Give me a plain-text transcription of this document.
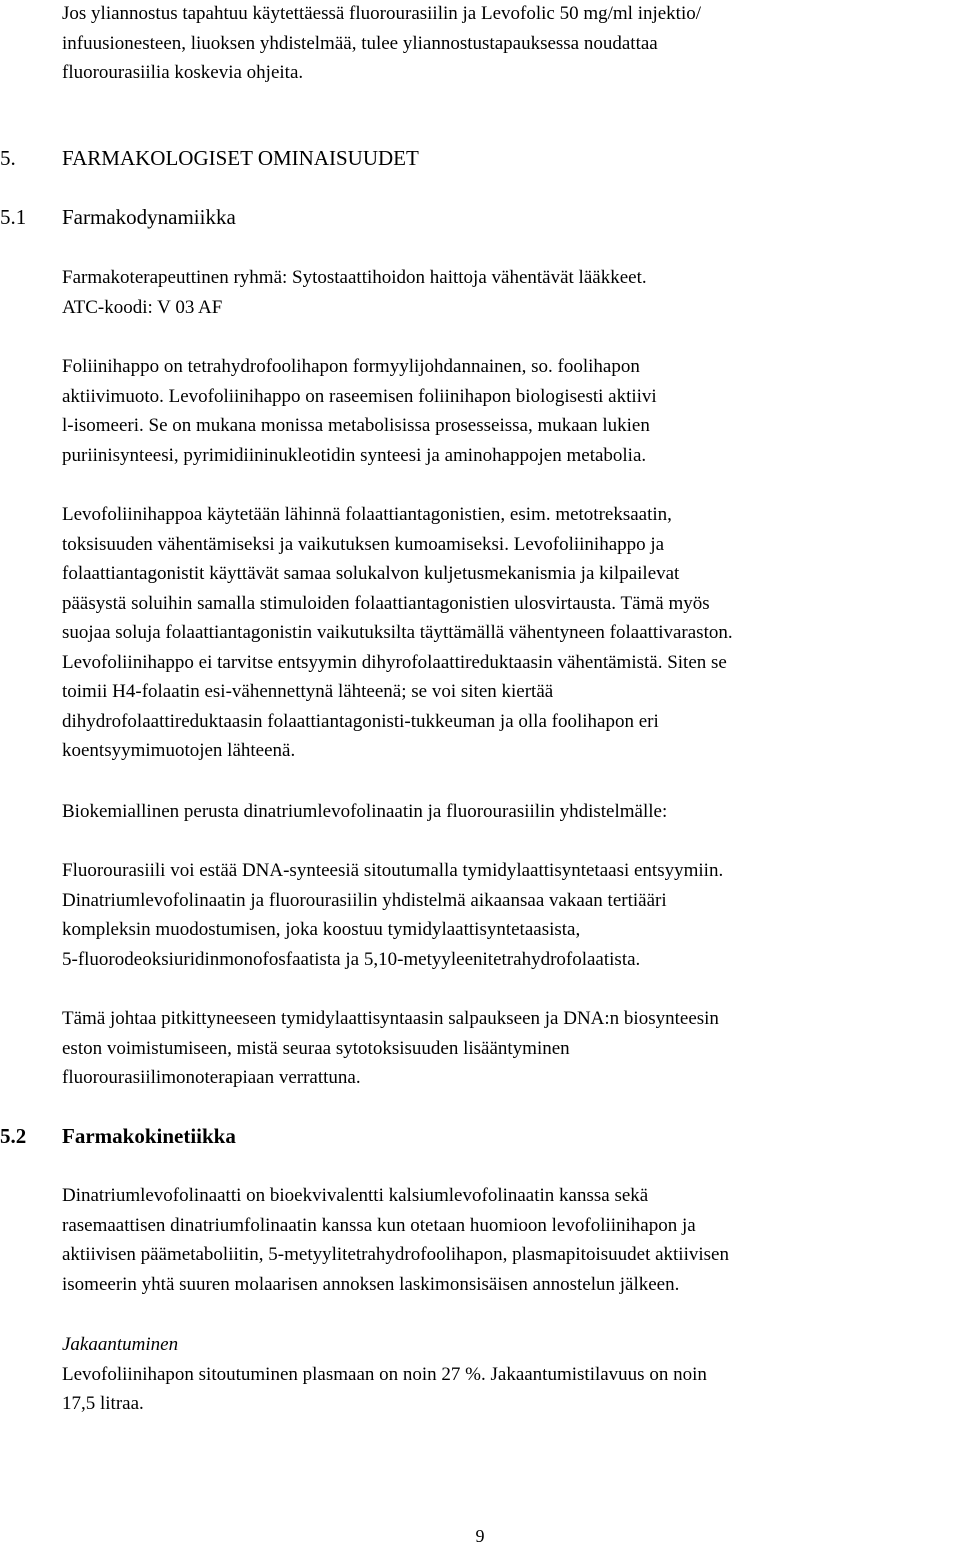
Jos yliannostus tapahtuu käytettäessä fluorourasiilin ja Levofolic 50 mg/ml injektio/
infuusionesteen, liuoksen yhdistelmää, tulee yliannostustapauksessa noudattaa
fluorourasiilia koskevia ohjeita.
5. FARMAKOLOGISET OMINAISUUDET
5.1 Farmakodynamiikka
Farmakoterapeuttinen ryhmä: Sytostaattihoidon haittoja vähentävät lääkkeet.
ATC-koodi: V 03 AF
Foliinihappo on tetrahydrofoolihapon formyylijohdannainen, so. foolihapon
aktiivimuoto. Levofoliinihappo on raseemisen foliinihapon biologisesti aktiivi
l-isomeeri. Se on mukana monissa metabolisissa prosesseissa, mukaan lukien
puriinisynteesi, pyrimidiininukleotidin synteesi ja aminohappojen metabolia.
Levofoliinihappoa käytetään lähinnä folaattiantagonistien, esim. metotreksaatin,
toksisuuden vähentämiseksi ja vaikutuksen kumoamiseksi. Levofoliinihappo ja
folaattiantagonistit käyttävät samaa solukalvon kuljetusmekanismia ja kilpailevat
pääsystä soluihin samalla stimuloiden folaattiantagonistien ulosvirtausta. Tämä myös
suojaa soluja folaattiantagonistin vaikutuksilta täyttämällä vähentyneen folaattivaraston.
Levofoliinihappo ei tarvitse entsyymin dihyrofolaattireduktaasin vähentämistä. Siten se
toimii H4-folaatin esi-vähennettynä lähteenä; se voi siten kiertää
dihydrofolaattireduktaasin folaattiantagonisti-tukkeuman ja olla foolihapon eri
koentsyymimuotojen lähteenä.
Biokemiallinen perusta dinatriumlevofolinaatin ja fluorourasiilin yhdistelmälle:
Fluorourasiili voi estää DNA-synteesiä sitoutumalla tymidylaattisyntetaasi entsyymiin.
Dinatriumlevofolinaatin ja fluorourasiilin yhdistelmä aikaansaa vakaan tertiääri
kompleksin muodostumisen, joka koostuu tymidylaattisyntetaasista,
5-fluorodeoksiuridinmonofosfaatista ja 5,10-metyyleenitetrahydrofolaatista.
Tämä johtaa pitkittyneeseen tymidylaattisyntaasin salpaukseen ja DNA:n biosynteesin
eston voimistumiseen, mistä seuraa sytotoksisuuden lisääntyminen
fluorourasiilimonoterapiaan verrattuna.
5.2 Farmakokinetiikka
Dinatriumlevofolinaatti on bioekvivalentti kalsiumlevofolinaatin kanssa sekä
rasemaattisen dinatriumfolinaatin kanssa kun otetaan huomioon levofoliinihapon ja
aktiivisen päämetaboliitin, 5-metyylitetrahydrofoolihapon, plasmapitoisuudet aktiivisen
isomeerin yhtä suuren molaarisen annoksen laskimonsisäisen annostelun jälkeen.
Jakaantuminen
Levofoliinihapon sitoutuminen plasmaan on noin 27 %. Jakaantumistilavuus on noin
17,5 litraa.
9
